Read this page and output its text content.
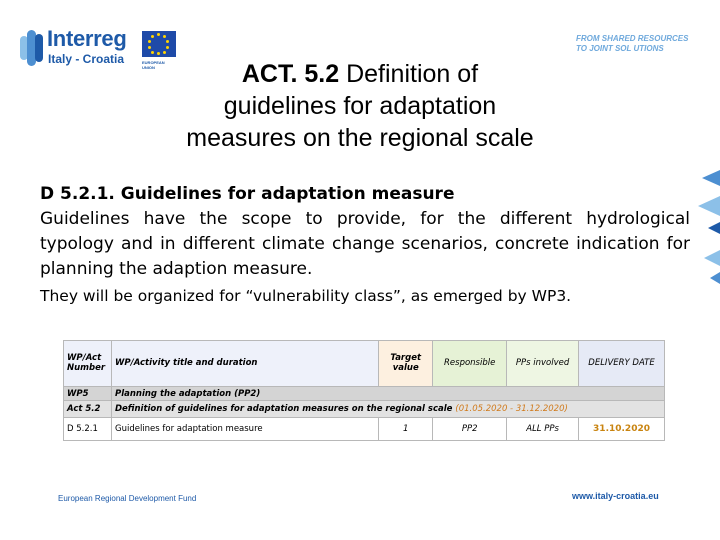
Interreg
Italy - Croatia	EUROPEAN UNION
FROM SHARED RESOURCES
TO JOINT SOL UTIONS
ACT. 5.2 Definition of
guidelines for adaptation
measures on the regional scale
D 5.2.1. Guidelines for adaptation measure
Guidelines have the scope to provide, for the different hydrological typology and in different climate change scenarios, concrete indication for planning the adaption measure.
They will be organized for “vulnerability class”, as emerged by WP3.
WP/Act Number	WP/Activity title and duration	Target value	Responsible	PPs involved	DELIVERY DATE
WP5	Planning the adaptation (PP2)				
Act 5.2	Definition of guidelines for adaptation measures on the regional scale (01.05.2020 - 31.12.2020)				
D 5.2.1	Guidelines for adaptation measure	1	PP2	ALL PPs	31.10.2020
European Regional Development Fund	www.italy-croatia.eu
